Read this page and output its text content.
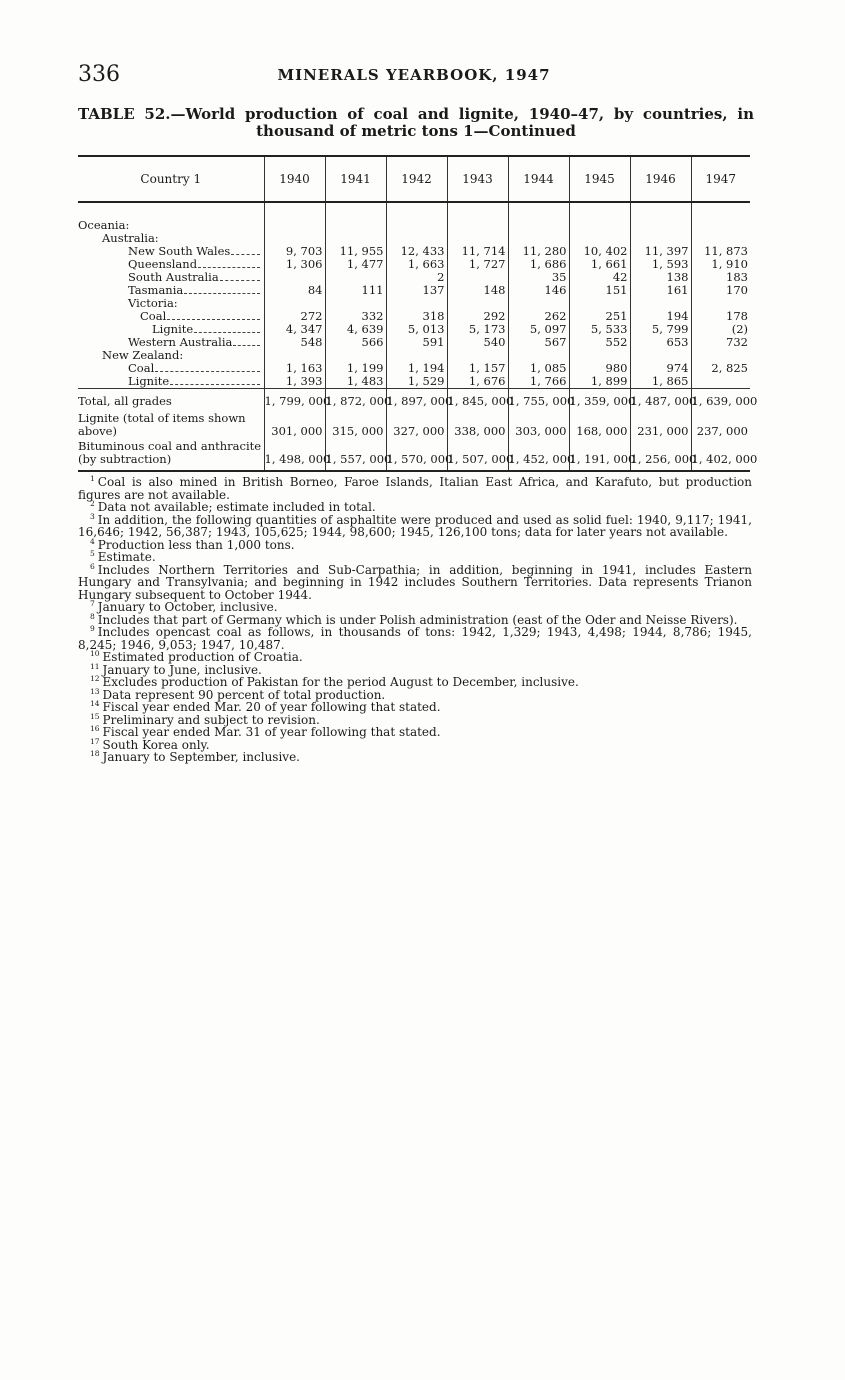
336	MINERALS YEARBOOK, 1947
TABLE 52.—World production of coal and lignite, 1940–47, by countries, in
thousand of metric tons 1—Continued
Country 1	1940	1941	1942	1943	1944	1945	1946	1947

Oceania:								

Australia:								

New South Wales	9, 703	11, 955	12, 433	11, 714	11, 280	10, 402	11, 397	11, 873

Queensland	1, 306	1, 477	1, 663	1, 727	1, 686	1, 661	1, 593	1, 910

South Australia			2		35	42	138	183

Tasmania	84	111	137	148	146	151	161	170

Victoria:								

Coal	272	332	318	292	262	251	194	178

Lignite	4, 347	4, 639	5, 013	5, 173	5, 097	5, 533	5, 799	(2)

Western Australia	548	566	591	540	567	552	653	732

New Zealand:								

Coal	1, 163	1, 199	1, 194	1, 157	1, 085	980	974	2, 825

Lignite	1, 393	1, 483	1, 529	1, 676	1, 766	1, 899	1, 865	
Total, all grades	1, 799, 000	1, 872, 000	1, 897, 000	1, 845, 000	1, 755, 000	1, 359, 000	1, 487, 000	1, 639, 000
Lignite (total of items shown above)	301, 000	315, 000	327, 000	338, 000	303, 000	168, 000	231, 000	237, 000
Bituminous coal and anthracite (by subtraction)	1, 498, 000	1, 557, 000	1, 570, 000	1, 507, 000	1, 452, 000	1, 191, 000	1, 256, 000	1, 402, 000
$^1$ Coal is also mined in British Borneo, Faroe Islands, Italian East Africa, and Karafuto, but production figures are not available.
$^2$ Data not available; estimate included in total.
$^3$ In addition, the following quantities of asphaltite were produced and used as solid fuel: 1940, 9,117; 1941, 16,646; 1942, 56,387; 1943, 105,625; 1944, 98,600; 1945, 126,100 tons; data for later years not available.
$^4$ Production less than 1,000 tons.
$^5$ Estimate.
$^6$ Includes Northern Territories and Sub-Carpathia; in addition, beginning in 1941, includes Eastern Hungary and Transylvania; and beginning in 1942 includes Southern Territories. Data represents Trianon Hungary subsequent to October 1944.
$^7$ January to October, inclusive.
$^8$ Includes that part of Germany which is under Polish administration (east of the Oder and Neisse Rivers).
$^9$ Includes opencast coal as follows, in thousands of tons: 1942, 1,329; 1943, 4,498; 1944, 8,786; 1945, 8,245; 1946, 9,053; 1947, 10,487.
$^{10}$ Estimated production of Croatia.
$^{11}$ January to June, inclusive.
$^{12}$ Excludes production of Pakistan for the period August to December, inclusive.
$^{13}$ Data represent 90 percent of total production.
$^{14}$ Fiscal year ended Mar. 20 of year following that stated.
$^{15}$ Preliminary and subject to revision.
$^{16}$ Fiscal year ended Mar. 31 of year following that stated.
$^{17}$ South Korea only.
$^{18}$ January to September, inclusive.
